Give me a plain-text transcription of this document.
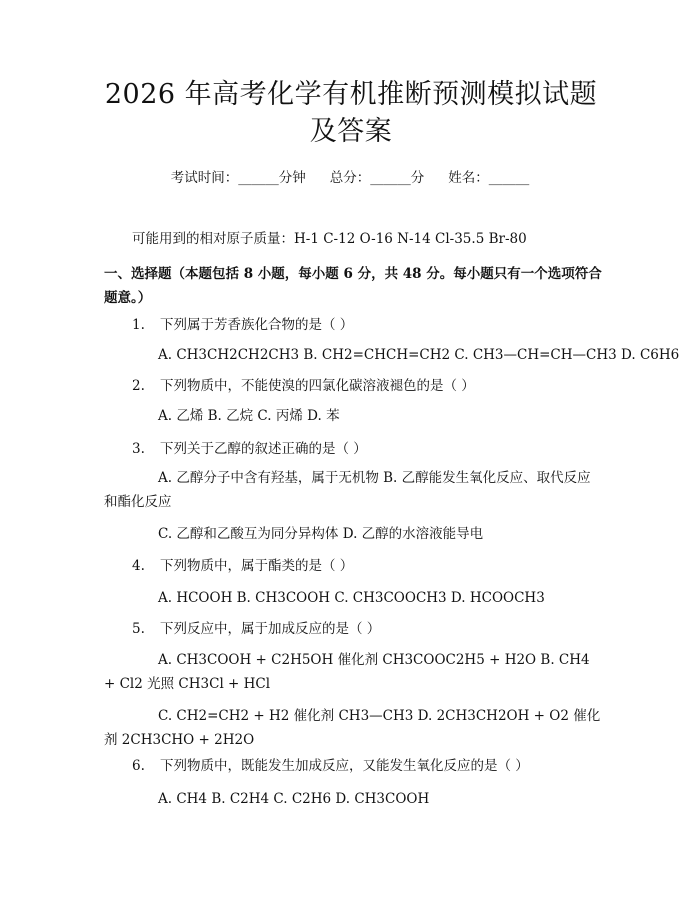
2026 年高考化学有机推断预测模拟试题及答案
考试时间：______分钟 总分：______分 姓名：______
可能用到的相对原子质量：H-1 C-12 O-16 N-14 Cl-35.5 Br-80
一、选择题（本题包括 8 小题，每小题 6 分，共 48 分。每小题只有一个选项符合题意。）
1. 下列属于芳香族化合物的是（ ）
A. CH3CH2CH2CH3 B. CH2=CHCH=CH2 C. CH3—CH=CH—CH3 D. C6H6
2. 下列物质中，不能使溴的四氯化碳溶液褪色的是（ ）
A. 乙烯 B. 乙烷 C. 丙烯 D. 苯
3. 下列关于乙醇的叙述正确的是（ ）
A. 乙醇分子中含有羟基，属于无机物 B. 乙醇能发生氧化反应、取代反应和酯化反应
C. 乙醇和乙酸互为同分异构体 D. 乙醇的水溶液能导电
4. 下列物质中，属于酯类的是（ ）
A. HCOOH B. CH3COOH C. CH3COOCH3 D. HCOOCH3
5. 下列反应中，属于加成反应的是（ ）
A. CH3COOH + C2H5OH 催化剂 CH3COOC2H5 + H2O B. CH4 + Cl2 光照 CH3Cl + HCl
C. CH2=CH2 + H2 催化剂 CH3—CH3 D. 2CH3CH2OH + O2 催化剂 2CH3CHO + 2H2O
6. 下列物质中，既能发生加成反应，又能发生氧化反应的是（ ）
A. CH4 B. C2H4 C. C2H6 D. CH3COOH
